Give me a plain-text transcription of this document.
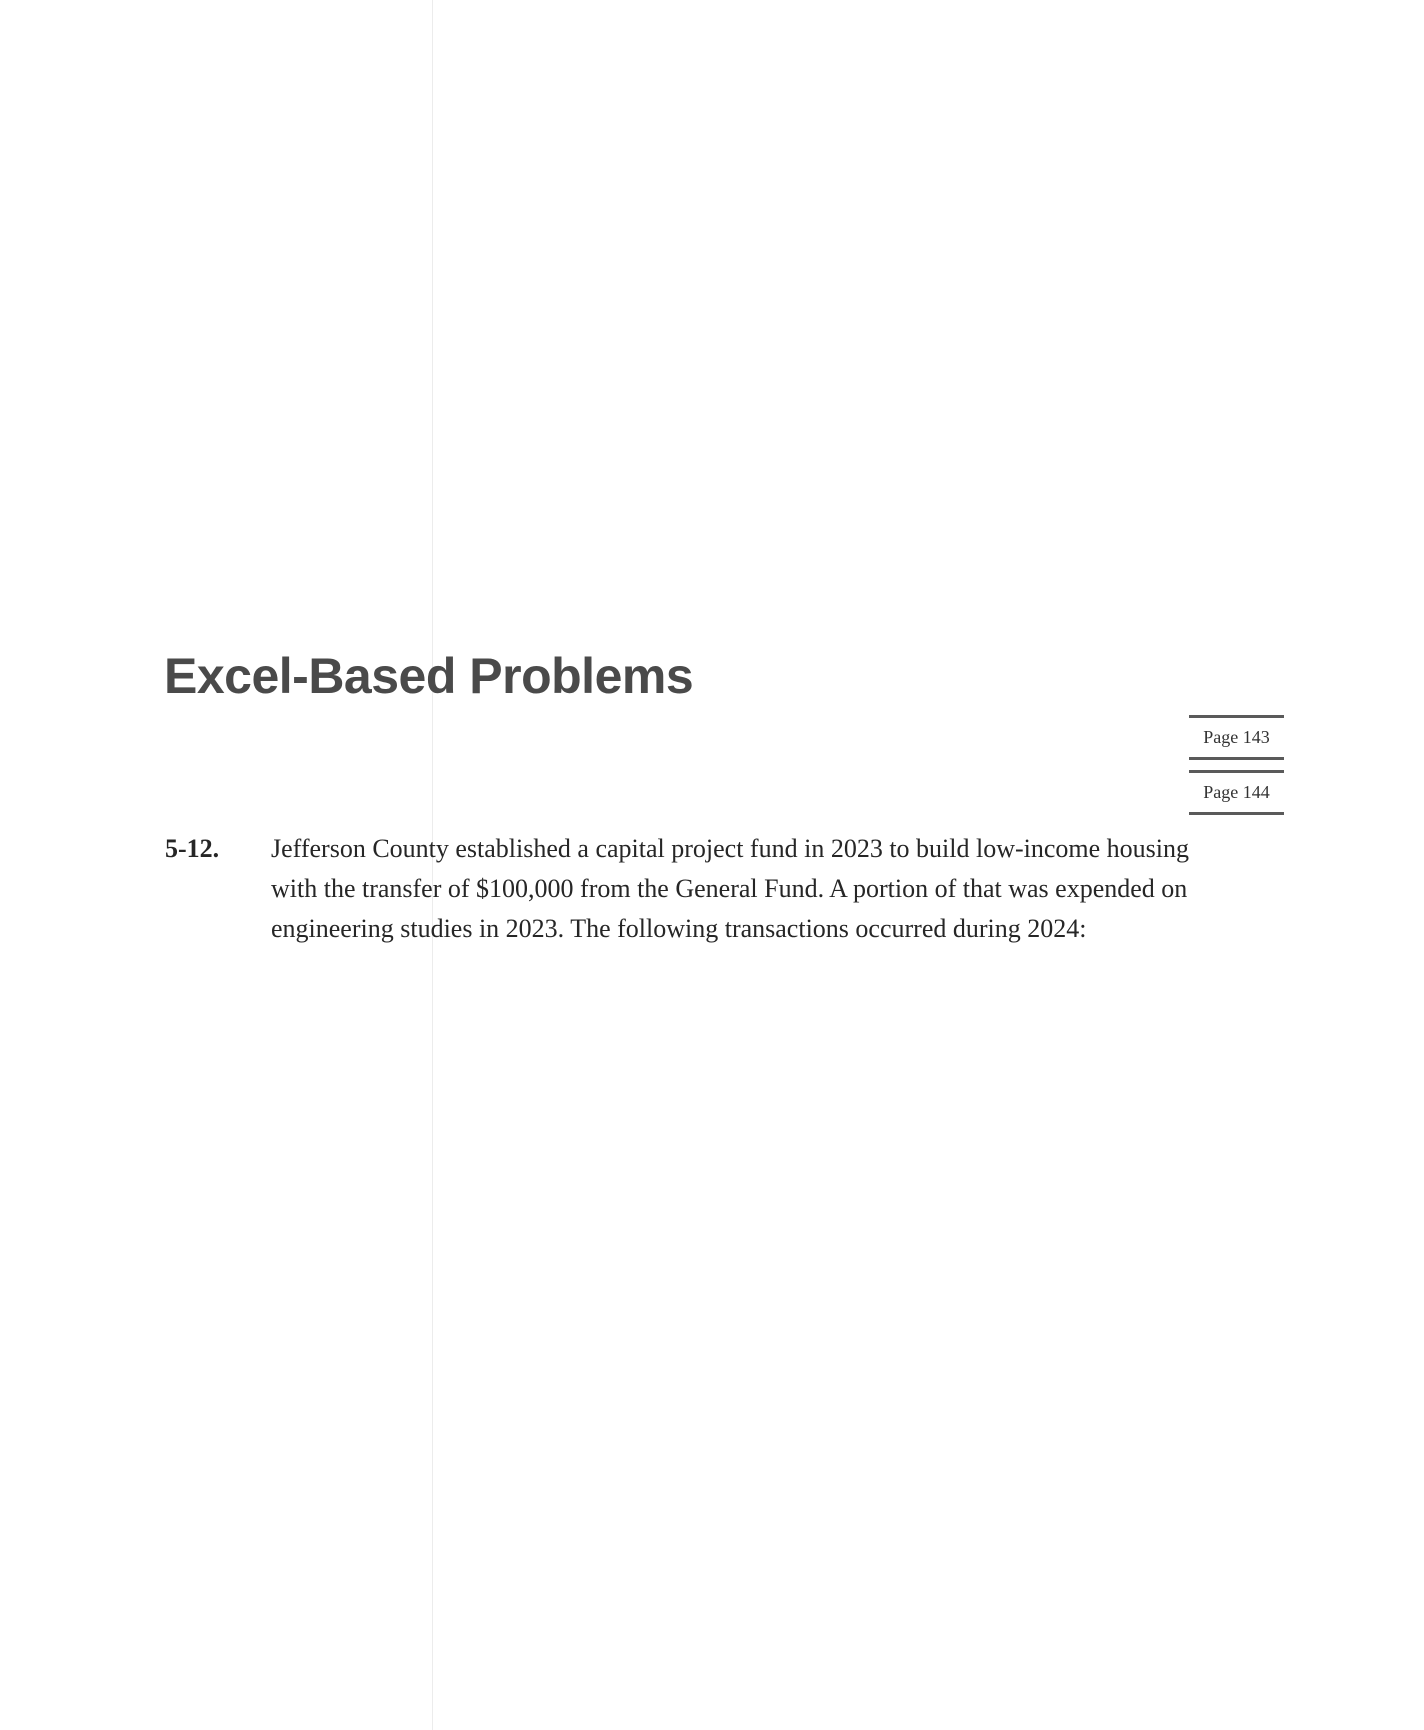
Excel-Based Problems
Page 143
Page 144
5-12. Jefferson County established a capital project fund in 2023 to build low-income housing
with the transfer of $100,000 from the General Fund. A portion of that was expended on
engineering studies in 2023. The following transactions occurred during 2024:
